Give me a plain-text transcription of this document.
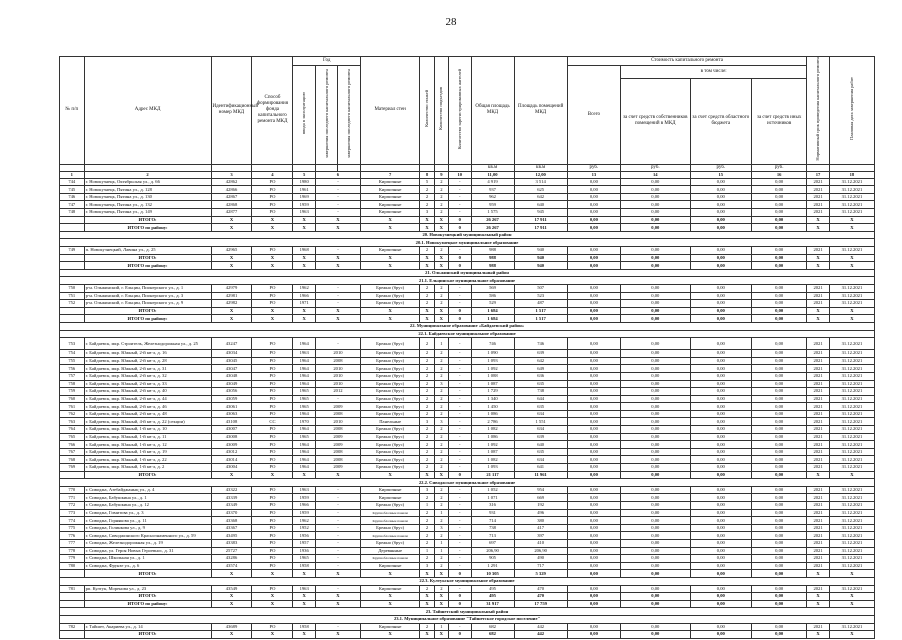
28
№ п/п	Адрес МКД	Идентификационный номер МКД	Способ формирования фонда капитального ремонта МКД	Год			Материал стен	Количество этажей	Количество подъездов	Количество зарегистрированных жителей	Общая площадь МКД	Площадь помещений МКД	Стоимость капитального ремонта				Нормативный срок проведения капитального ремонта	Плановая дата завершения работ
				ввода в эксплуатацию	завершения последнего капитального ремонта	завершения последнего капитального ремонта							Всего	в том числе:				
														за счет средств собственников помещений в МКД	за счет средств областного бюджета	за счет средств иных источников		
											кв.м	кв.м	руб.	руб.	руб.	руб.		
1	2	3	4	5	6		7	8	9	10	11,00	12,00	13	14	15	16	17	18
744	г. Новокузнецк, Октябрьская ул., д. 66	42862	РО	1980	-		Кирпичные	5	2	-	4 919	3 514	0,00	0,00	0,00	0,00	2021	31.12.2021
745	г. Новокузнецк, Пятина ул., д. 128	42866	РО	1961	-		Кирпичные	2	2	-	937	625	0,00	0,00	0,00	0,00	2021	31.12.2021
746	г. Новокузнецк, Пятина ул., д. 130	42867	РО	1969	-		Кирпичные	2	2	-	962	642	0,00	0,00	0,00	0,00	2021	31.12.2021
747	г. Новокузнецк, Пятина ул., д. 132	42868	РО	1959	-		Кирпичные	2	2	-	959	640	0,00	0,00	0,00	0,00	2021	31.12.2021
748	г. Новокузнецк, Пятина ул., д. 149	42877	РО	1963	-		Кирпичные	3	2	-	1 575	945	0,00	0,00	0,00	0,00	2021	31.12.2021
	ИТОГО:	X	X	X	X		X	X	X	0	26 267	17 911	0,00	0,00	0,00	0,00	X	X
	ИТОГО по району:	X	X	X	X		X	X	X	0	26 267	17 911	0,00	0,00	0,00	0,00	X	X
20. Новокузнецкий муниципальный район																		
20.1. Новокузнецкое муниципальное образование																		
749	п. Новокузнецкий, Лавина ул., д. 25	42965	РО	1968	-		Кирпичные	2	2	-	988	940	0,00	0,00	0,00	0,00	2021	31.12.2021
	ИТОГО:	X	X	X	X		X	X	X	0	988	940	0,00	0,00	0,00	0,00	X	X
	ИТОГО по району:	X	X	X	X		X	X	X	0	988	940	0,00	0,00	0,00	0,00	X	X
21. Ольжинский муниципальный район																		
21.1. Ельцинское муниципальное образование																		
750	р-н. Ольжинский, г. Ельцин, Пионерского ул., д. 1	42979	РО	1962	-		Брежно (брус)	2	2	-	569	507	0,00	0,00	0,00	0,00	2021	31.12.2021
751	р-н. Ольжинский, г. Ельцин, Пионерского ул., д. 3	42981	РО	1966	-		Брежно (брус)	2	2	-	586	523	0,00	0,00	0,00	0,00	2021	31.12.2021
752	р-н. Ольжинский, г. Ельцин, Пионерского ул., д. 9	42982	РО	1971	-		Брежно (брус)	2	2	-	529	487	0,00	0,00	0,00	0,00	2021	31.12.2021
	ИТОГО:	X	X	X	X		X	X	X	0	1 684	1 517	0,00	0,00	0,00	0,00	X	X
	ИТОГО по району:	X	X	X	X		X	X	X	0	1 684	1 517	0,00	0,00	0,00	0,00	X	X
22. Муниципальное образование «Байдаевский район»																		
22.1. Байдаевское муниципальное образование																		
753	г. Байдаевск, мкр. Строитель, Железнодорожная ул., д. 25	43247	РО	1964	-		Брежно (брус)	2	1	-	746	746	0,00	0,00	0,00	0,00	2021	31.12.2021
754	г. Байдаевск, мкр. Южный, 2-й кв-л, д. 16	43034	РО	1963	2010		Брежно (брус)	2	2	-	1 090	639	0,00	0,00	0,00	0,00	2021	31.12.2021
755	г. Байдаевск, мкр. Южный, 2-й кв-л, д. 28	43045	РО	1964	2008		Брежно (брус)	2	2	-	1 093	642	0,00	0,00	0,00	0,00	2021	31.12.2021
756	г. Байдаевск, мкр. Южный, 2-й кв-л, д. 31	43047	РО	1964	2010		Брежно (брус)	2	2	-	1 092	649	0,00	0,00	0,00	0,00	2021	31.12.2021
757	г. Байдаевск, мкр. Южный, 2-й кв-л, д. 32	43048	РО	1964	2010		Брежно (брус)	2	2	-	1 088	636	0,00	0,00	0,00	0,00	2021	31.12.2021
758	г. Байдаевск, мкр. Южный, 2-й кв-л, д. 33	43049	РО	1964	2010		Брежно (брус)	2	3	-	1 087	635	0,00	0,00	0,00	0,00	2021	31.12.2021
759	г. Байдаевск, мкр. Южный, 2-й кв-л, д. 40	43056	РО	1965	2012		Брежно (брус)	2	2	-	1 729	738	0,00	0,00	0,00	0,00	2021	31.12.2021
760	г. Байдаевск, мкр. Южный, 2-й кв-л, д. 44	43059	РО	1965	-		Брежно (брус)	2	2	-	1 340	644	0,00	0,00	0,00	0,00	2021	31.12.2021
761	г. Байдаевск, мкр. Южный, 2-й кв-л, д. 46	43061	РО	1965	2009		Брежно (брус)	2	2	-	1 450	635	0,00	0,00	0,00	0,00	2021	31.12.2021
762	г. Байдаевск, мкр. Южный, 2-й кв-л, д. 48	43063	РО	1964	2008		Брежно (брус)	2	2	-	1 086	634	0,00	0,00	0,00	0,00	2021	31.12.2021
763	г. Байдаевск, мкр. Южный, 4-й кв-л, д. 22 (секции)	43108	СС	1970	2010		Панельные	3	3	-	2 786	1 551	0,00	0,00	0,00	0,00	2021	31.12.2021
764	г. Байдаевск, мкр. Южный, 1-й кв-л, д. 10	43007	РО	1964	2008		Брежно (брус)	2	2	-	1 082	634	0,00	0,00	0,00	0,00	2021	31.12.2021
765	г. Байдаевск, мкр. Южный, 1-й кв-л, д. 11	43008	РО	1965	2009		Брежно (брус)	2	2	-	1 086	639	0,00	0,00	0,00	0,00	2021	31.12.2021
766	г. Байдаевск, мкр. Южный, 1-й кв-л, д. 12	43009	РО	1964	2009		Брежно (брус)	2	2	-	1 092	640	0,00	0,00	0,00	0,00	2021	31.12.2021
767	г. Байдаевск, мкр. Южный, 1-й кв-л, д. 19	43012	РО	1964	2008		Брежно (брус)	2	2	-	1 087	635	0,00	0,00	0,00	0,00	2021	31.12.2021
768	г. Байдаевск, мкр. Южный, 1-й кв-л, д. 22	43014	РО	1964	2008		Брежно (брус)	2	2	-	1 082	634	0,00	0,00	0,00	0,00	2021	31.12.2021
769	г. Байдаевск, мкр. Южный, 1-й кв-л, д. 2	43004	РО	1964	2009		Брежно (брус)	2	2	-	1 093	641	0,00	0,00	0,00	0,00	2021	31.12.2021
	ИТОГО:	X	X	X	X		X	X	X	0	21 117	11 961	0,00	0,00	0,00	0,00	X	X
22.2. Сиводжское муниципальное образование																		
770	г. Сиводжа, Азебайджаныц ул., д. 4	43322	РО	1963	-		Кирпичные	3	2	-	1 052	954	0,00	0,00	0,00	0,00	2021	31.12.2021
771	г. Сиводжа, Бабушкина ул., д. 1	43339	РО	1959	-		Кирпичные	2	2	-	1 071	669	0,00	0,00	0,00	0,00	2021	31.12.2021
772	г. Сиводжа, Бабушкина ул., д. 12	43349	РО	1966	-		Брежно (брус)	1	2	-	316	192	0,00	0,00	0,00	0,00	2021	31.12.2021
773	г. Сиводжа, Гимитова ул., д. 3	43370	РО	1959	-		Крупноблочные панели	2	1	-	931	496	0,00	0,00	0,00	0,00	2021	31.12.2021
774	г. Сиводжа, Горнякова ул., д. 11	43368	РО	1962	-		Крупноблочные панели	2	2	-	714	380	0,00	0,00	0,00	0,00	2021	31.12.2021
775	г. Сиводжа, Голинкова ул., д. 9	43367	РО	1952	-		Брежно (брус)	2	3	-	738	417	0,00	0,00	0,00	0,00	2021	31.12.2021
776	г. Сиводжа, Сиводжинского Краснознаменного ул., д. 59	43495	РО	1956	-		Крупноблочные панели	2	2	-	713	397	0,00	0,00	0,00	0,00	2021	31.12.2021
777	г. Сиводжа, Железнодорожная ул., д. 19	43383	РО	1957	-		Брежно (брус)	2	1	-	697	410	0,00	0,00	0,00	0,00	2021	31.12.2021
778	г. Сиводжа, ул. Героя Новых Героевнос, д. 31	25727	РО	1936	-		Деревянные	1	1	-	206,90	206,90	0,00	0,00	0,00	0,00	2021	31.12.2021
779	г. Сиводжа, Школьная ул., д. 1	43286	РО	1965	-		Крупноблочные панели	2	2	-	905	490	0,00	0,00	0,00	0,00	2021	31.12.2021
780	г. Сиводжа, Фрунзе ул., д. 6	43574	РО	1958	-		Кирпичные	3	2	-	1 291	717	0,00	0,00	0,00	0,00	2021	31.12.2021
	ИТОГО:	X	X	X	X		X	X	X	0	10 305	5 329	0,00	0,00	0,00	0,00	X	X
22.3. Култукское муниципальное образование																		
781	рп. Култук, Моренова ул., д. 23	43549	РО	1963	-		Кирпичные	2	2	-	495	470	0,00	0,00	0,00	0,00	2021	31.12.2021
	ИТОГО:	X	X	X	X		X	X	X	0	495	470	0,00	0,00	0,00	0,00	X	X
	ИТОГО по району:	X	X	X	X		X	X	X	0	31 917	17 759	0,00	0,00	0,00	0,00	X	X
23. Тайшетский муниципальный район																		
23.1. Муниципальное образование "Тайшетское городское поселение"																		
782	г. Тайшет, Акариева ул., д. 14	43689	РО	1958	-		Кирпичные	2	1	-	682	442	0,00	0,00	0,00	0,00	2021	31.12.2021
	ИТОГО:	X	X	X	X		X	X	X	0	682	442	0,00	0,00	0,00	0,00	X	X
